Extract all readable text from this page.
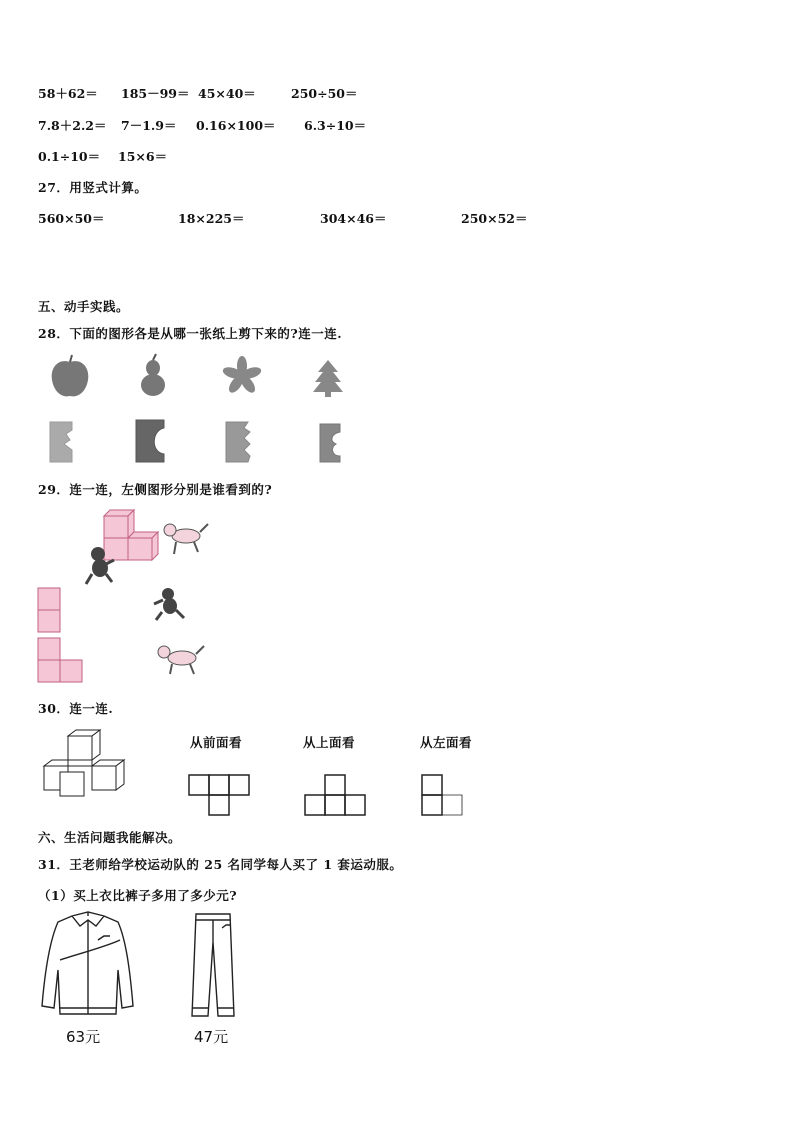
58＋62＝ 185－99＝ 45×40＝	250÷50＝
7.8＋2.2＝ 7－1.9＝ 0.16×100＝ 6.3÷10＝
0.1÷10＝ 15×6＝
27．用竖式计算。
560×50＝	18×225＝	304×46＝	250×52＝
五、动手实践。
28．下面的图形各是从哪一张纸上剪下来的?连一连.
29．连一连，左侧图形分别是谁看到的?
30．连一连.
从前面看	从上面看	从左面看
六、生活问题我能解决。
31．王老师给学校运动队的 25 名同学每人买了 1 套运动服。
（1）买上衣比裤子多用了多少元?
63元	47元
